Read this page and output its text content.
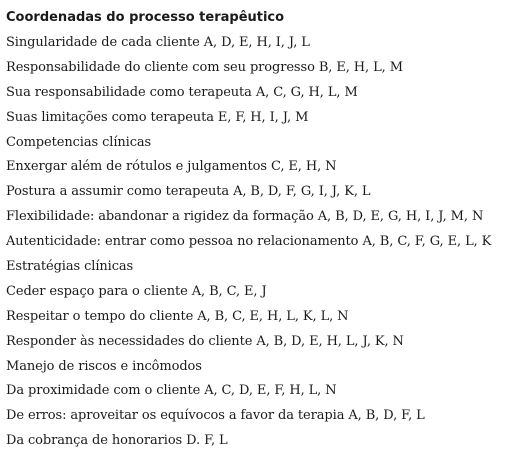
Coordenadas do processo terapêutico
Singularidade de cada cliente A, D, E, H, I, J, L
Responsabilidade do cliente com seu progresso B, E, H, L, M
Sua responsabilidade como terapeuta A, C, G, H, L, M
Suas limitações como terapeuta E, F, H, I, J, M
Competencias clínicas
Enxergar além de rótulos e julgamentos C, E, H, N
Postura a assumir como terapeuta A, B, D, F, G, I, J, K, L
Flexibilidade: abandonar a rigidez da formação A, B, D, E, G, H, I, J, M, N
Autenticidade: entrar como pessoa no relacionamento A, B, C, F, G, E, L, K
Estratégias clínicas
Ceder espaço para o cliente A, B, C, E, J
Respeitar o tempo do cliente A, B, C, E, H, L, K, L, N
Responder às necessidades do cliente A, B, D, E, H, L, J, K, N
Manejo de riscos e incômodos
Da proximidade com o cliente A, C, D, E, F, H, L, N
De erros: aproveitar os equívocos a favor da terapia A, B, D, F, L
Da cobrança de honorarios D. F, L
